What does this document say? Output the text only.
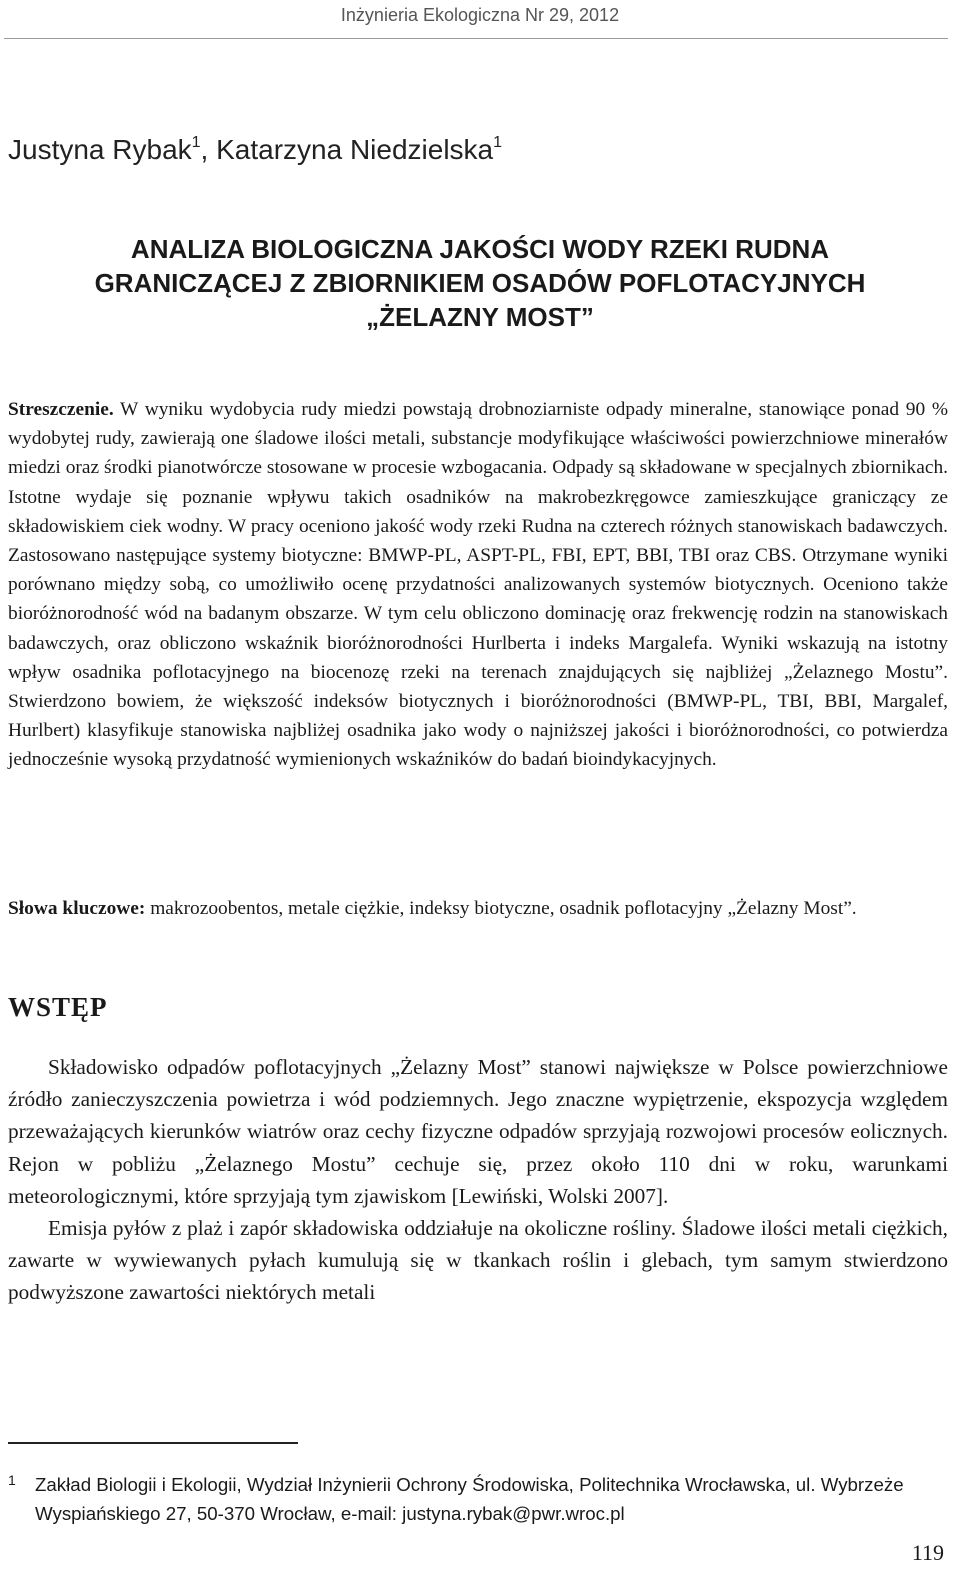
Inżynieria Ekologiczna Nr 29, 2012
Justyna Rybak$^1$, Katarzyna Niedzielska$^1$
ANALIZA BIOLOGICZNA JAKOŚCI WODY RZEKI RUDNA
GRANICZĄCEJ Z ZBIORNIKIEM OSADÓW POFLOTACYJNYCH
„ŻELAZNY MOST”
Streszczenie. W wyniku wydobycia rudy miedzi powstają drobnoziarniste odpady mineralne, stanowiące ponad 90 % wydobytej rudy, zawierają one śladowe ilości metali, substancje modyfikujące właściwości powierzchniowe minerałów miedzi oraz środki pianotwórcze stosowane w procesie wzbogacania. Odpady są składowane w specjalnych zbiornikach. Istotne wydaje się poznanie wpływu takich osadników na makrobezkręgowce zamieszkujące graniczący ze składowiskiem ciek wodny. W pracy oceniono jakość wody rzeki Rudna na czterech różnych stanowiskach badawczych. Zastosowano następujące systemy biotyczne: BMWP-PL, ASPT-PL, FBI, EPT, BBI, TBI oraz CBS. Otrzymane wyniki porównano między sobą, co umożliwiło ocenę przydatności analizowanych systemów biotycznych. Oceniono także bioróżnorodność wód na badanym obszarze. W tym celu obliczono dominację oraz frekwencję rodzin na stanowiskach badawczych, oraz obliczono wskaźnik bioróżnorodności Hurlberta i indeks Margalefa. Wyniki wskazują na istotny wpływ osadnika poflotacyjnego na biocenozę rzeki na terenach znajdujących się najbliżej „Żelaznego Mostu”. Stwierdzono bowiem, że większość indeksów biotycznych i bioróżnorodności (BMWP-PL, TBI, BBI, Margalef, Hurlbert) klasyfikuje stanowiska najbliżej osadnika jako wody o najniższej jakości i bioróżnorodności, co potwierdza jednocześnie wysoką przydatność wymienionych wskaźników do badań bioindykacyjnych.
Słowa kluczowe: makrozoobentos, metale ciężkie, indeksy biotyczne, osadnik poflotacyjny „Żelazny Most”.
WSTĘP

Składowisko odpadów poflotacyjnych „Żelazny Most” stanowi największe w Polsce powierzchniowe źródło zanieczyszczenia powietrza i wód podziemnych. Jego znaczne wypiętrzenie, ekspozycja względem przeważających kierunków wiatrów oraz cechy fizyczne odpadów sprzyjają rozwojowi procesów eolicznych. Rejon w pobliżu „Żelaznego Mostu” cechuje się, przez około 110 dni w roku, warunkami meteorologicznymi, które sprzyjają tym zjawiskom [Lewiński, Wolski 2007].

Emisja pyłów z plaż i zapór składowiska oddziałuje na okoliczne rośliny. Śladowe ilości metali ciężkich, zawarte w wywiewanych pyłach kumulują się w tkankach roślin i glebach, tym samym stwierdzono podwyższone zawartości niektórych metali

1 Zakład Biologii i Ekologii, Wydział Inżynierii Ochrony Środowiska, Politechnika Wrocławska, ul. Wybrzeże Wyspiańskiego 27, 50-370 Wrocław, e-mail: justyna.rybak@pwr.wroc.pl
119
